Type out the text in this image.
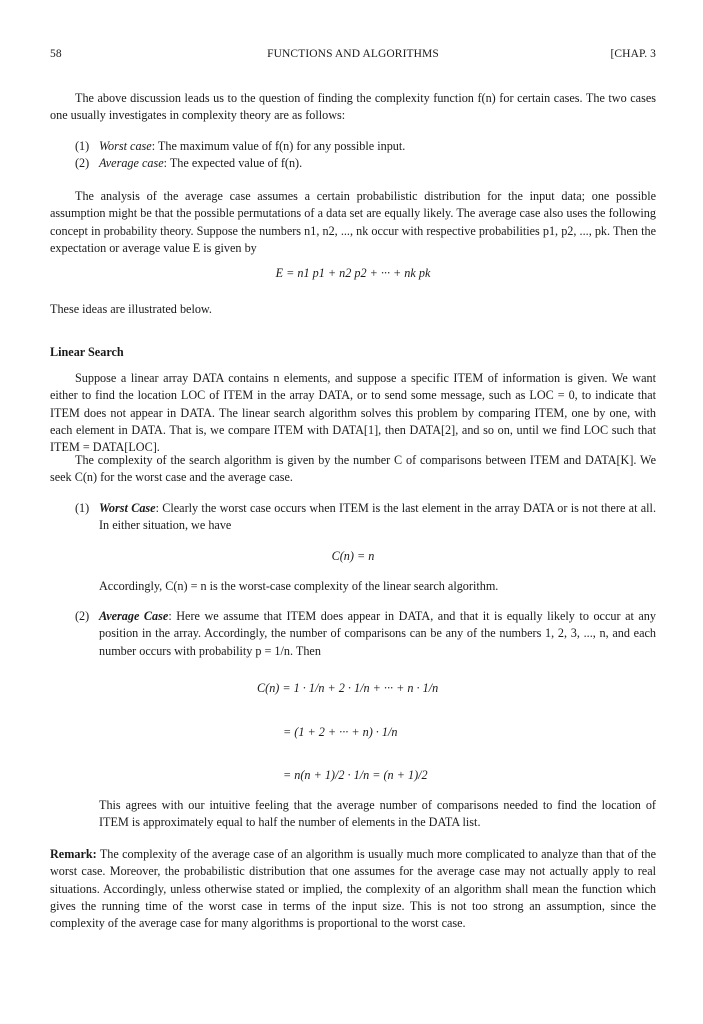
58	FUNCTIONS AND ALGORITHMS	[CHAP. 3

The above discussion leads us to the question of finding the complexity function f(n) for certain cases. The two cases one usually investigates in complexity theory are as follows:

(1) Worst case: The maximum value of f(n) for any possible input.
(2) Average case: The expected value of f(n).

The analysis of the average case assumes a certain probabilistic distribution for the input data; one possible assumption might be that the possible permutations of a data set are equally likely. The average case also uses the following concept in probability theory. Suppose the numbers n1, n2, ..., nk occur with respective probabilities p1, p2, ..., pk. Then the expectation or average value E is given by

E = n1 p1 + n2 p2 + ··· + nk pk

These ideas are illustrated below.

Linear Search

Suppose a linear array DATA contains n elements, and suppose a specific ITEM of information is given. We want either to find the location LOC of ITEM in the array DATA, or to send some message, such as LOC = 0, to indicate that ITEM does not appear in DATA. The linear search algorithm solves this problem by comparing ITEM, one by one, with each element in DATA. That is, we compare ITEM with DATA[1], then DATA[2], and so on, until we find LOC such that ITEM = DATA[LOC].

The complexity of the search algorithm is given by the number C of comparisons between ITEM and DATA[K]. We seek C(n) for the worst case and the average case.

(1) Worst Case: Clearly the worst case occurs when ITEM is the last element in the array DATA or is not there at all. In either situation, we have
C(n) = n

Accordingly, C(n) = n is the worst-case complexity of the linear search algorithm.

(2) Average Case: Here we assume that ITEM does appear in DATA, and that it is equally likely to occur at any position in the array. Accordingly, the number of comparisons can be any of the numbers 1, 2, 3, ..., n, and each number occurs with probability p = 1/n. Then
C(n) = 1 · 1/n + 2 · 1/n + ··· + n · 1/n
= (1 + 2 + ··· + n) · 1/n
= n(n + 1)/2 · 1/n = (n + 1)/2

This agrees with our intuitive feeling that the average number of comparisons needed to find the location of ITEM is approximately equal to half the number of elements in the DATA list.

Remark: The complexity of the average case of an algorithm is usually much more complicated to analyze than that of the worst case. Moreover, the probabilistic distribution that one assumes for the average case may not actually apply to real situations. Accordingly, unless otherwise stated or implied, the complexity of an algorithm shall mean the function which gives the running time of the worst case in terms of the input size. This is not too strong an assumption, since the complexity of the average case for many algorithms is proportional to the worst case.
